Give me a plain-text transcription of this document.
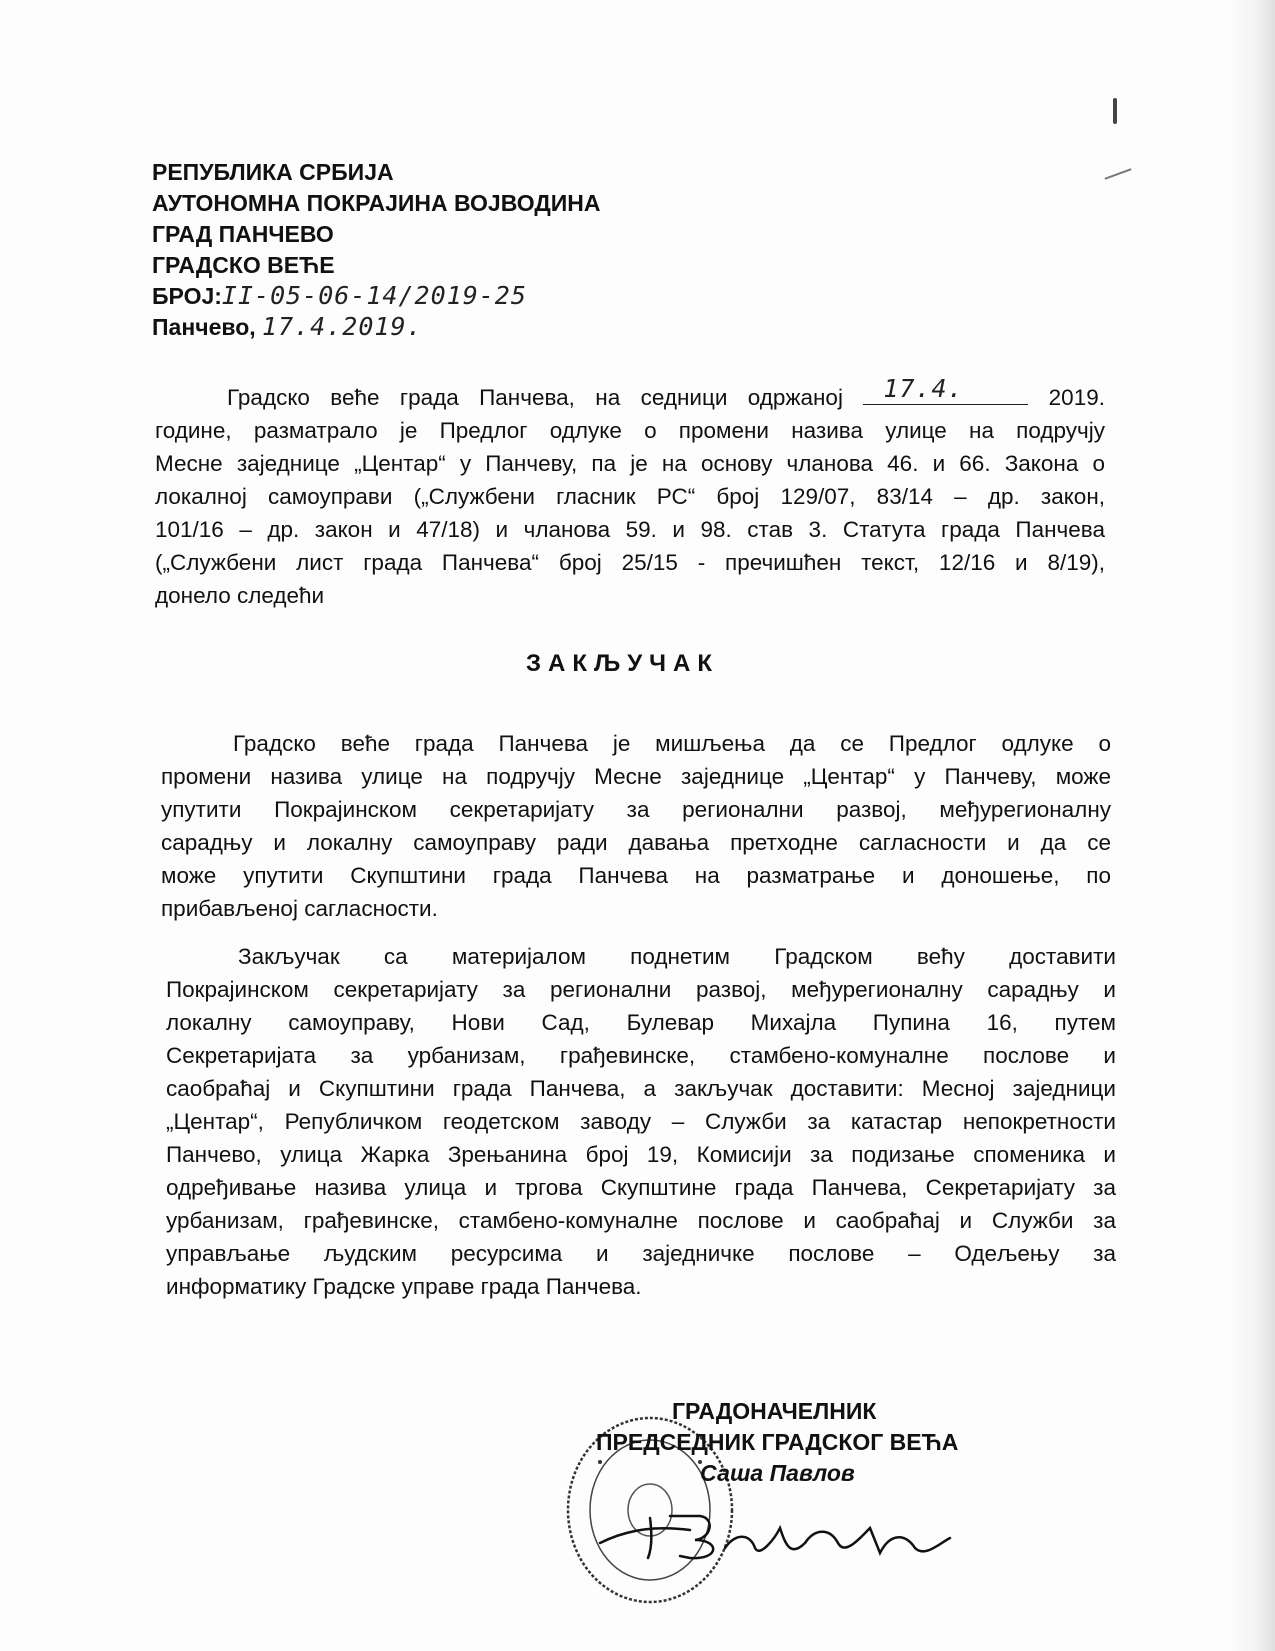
РЕПУБЛИКА СРБИЈА
АУТОНОМНА ПОКРАЈИНА ВОЈВОДИНА
ГРАД ПАНЧЕВО
ГРАДСКО ВЕЋЕ
БРОЈ:II-05-06-14/2019-25
Панчево, 17.4.2019.
Градско веће града Панчева, на седници одржаној 17.4.	2019.
године, разматрало је Предлог одлуке о промени назива улице на подручју
Месне заједнице „Центар“ у Панчеву, па је на основу чланова 46. и 66. Закона о
локалној самоуправи („Службени гласник РС“ број 129/07, 83/14 – др. закон,
101/16 – др. закон и 47/18) и чланова 59. и 98. став 3. Статута града Панчева
(„Службени лист града Панчева“ број 25/15 - пречишћен текст, 12/16 и 8/19),
донело следећи
ЗАКЉУЧАК
Градско веће града Панчева је мишљења да се Предлог одлуке о
промени назива улице на подручју Месне заједнице „Центар“ у Панчеву, може
упутити Покрајинском секретаријату за регионални развој, међурегионалну
сарадњу и локалну самоуправу ради давања претходне сагласности и да се
може упутити Скупштини града Панчева на разматрање и доношење, по
прибављеној сагласности.
Закључак са материјалом поднетим Градском већу доставити
Покрајинском секретаријату за регионални развој, међурегионалну сарадњу и
локалну самоуправу, Нови Сад, Булевар Михајла Пупина 16, путем
Секретаријата за урбанизам, грађевинске, стамбено-комуналне послове и
саобраћај и Скупштини града Панчева, а закључак доставити: Месној заједници
„Центар“, Републичком геодетском заводу – Служби за катастар непокретности
Панчево, улица Жарка Зрењанина број 19, Комисији за подизање споменика и
одређивање назива улица и тргова Скупштине града Панчева, Секретаријату за
урбанизам, грађевинске, стамбено-комуналне послове и саобраћај и Служби за
управљање људским ресурсима и заједничке послове – Одељењу за
информатику Градске управе града Панчева.
ГРАДОНАЧЕЛНИК
ПРЕДСЕДНИК ГРАДСКОГ ВЕЋА
Саша Павлов
